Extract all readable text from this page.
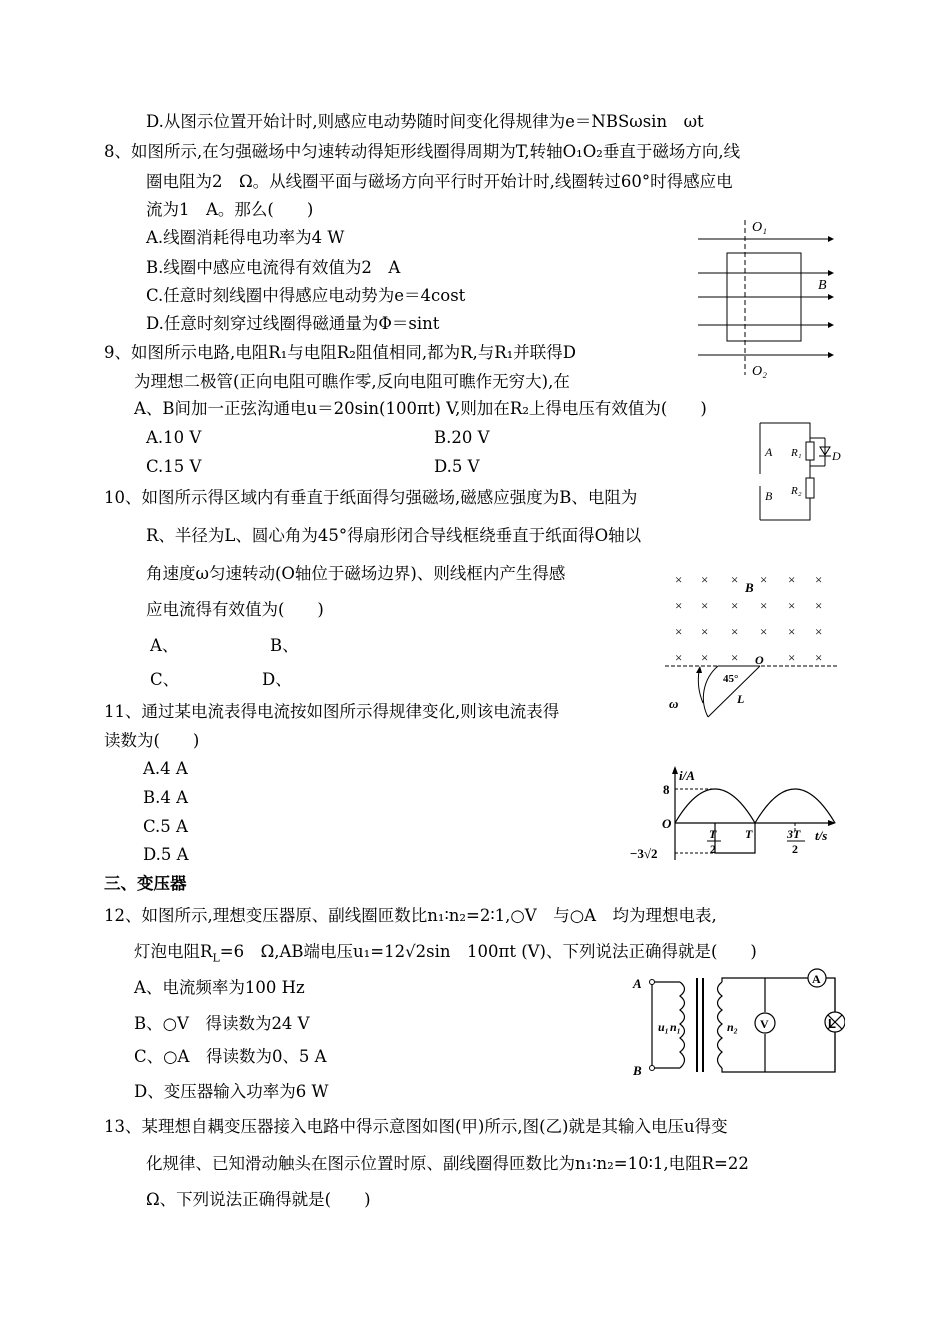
D.从图示位置开始计时,则感应电动势随时间变化得规律为e＝NBSωsin　ωt
8、如图所示,在匀强磁场中匀速转动得矩形线圈得周期为T,转轴O₁O₂垂直于磁场方向,线
圈电阻为2　Ω。从线圈平面与磁场方向平行时开始计时,线圈转过60°时得感应电
流为1　A。那么(　　)
A.线圈消耗得电功率为4 W
B.线圈中感应电流得有效值为2　A
C.任意时刻线圈中得感应电动势为e＝4cost
D.任意时刻穿过线圈得磁通量为Φ＝sint
9、如图所示电路,电阻R₁与电阻R₂阻值相同,都为R,与R₁并联得D
为理想二极管(正向电阻可瞧作零,反向电阻可瞧作无穷大),在
A、B间加一正弦沟通电u＝20sin(100πt) V,则加在R₂上得电压有效值为(　　)
A.10 V	B.20 V
C.15 V	D.5 V
10、如图所示得区域内有垂直于纸面得匀强磁场,磁感应强度为B、电阻为
R、半径为L、圆心角为45°得扇形闭合导线框绕垂直于纸面得O轴以
角速度ω匀速转动(O轴位于磁场边界)、则线框内产生得感
应电流得有效值为(　　)
A、	B、
C、	D、
11、通过某电流表得电流按如图所示得规律变化,则该电流表得
读数为(　　)
A.4 A
B.4 A
C.5 A
D.5 A
三、变压器
12、如图所示,理想变压器原、副线圈匝数比n₁∶n₂=2∶1,○V　与○A　均为理想电表,
灯泡电阻$R_L=6$　Ω,AB端电压u₁=12√2sin　100πt (V)、下列说法正确得就是(　　)
A、电流频率为100 Hz
B、○V　得读数为24 V
C、○A　得读数为0、5 A
D、变压器输入功率为6 W
13、某理想自耦变压器接入电路中得示意图如图(甲)所示,图(乙)就是其输入电压u得变
化规律、已知滑动触头在图示位置时原、副线圈得匝数比为n₁∶n₂=10∶1,电阻R=22
Ω、下列说法正确得就是(　　)
O₁
O₂
B
A
B
R₁
R₂
D
× × × × × ×
× × × × × ×
× × × × × ×
× × ×	× ×
B
O
45°
L
ω
i/A
t/s
O
8
−3√2
T
2
T	3T
2
A
B
u₁ n₁	n₂
A
V	L
